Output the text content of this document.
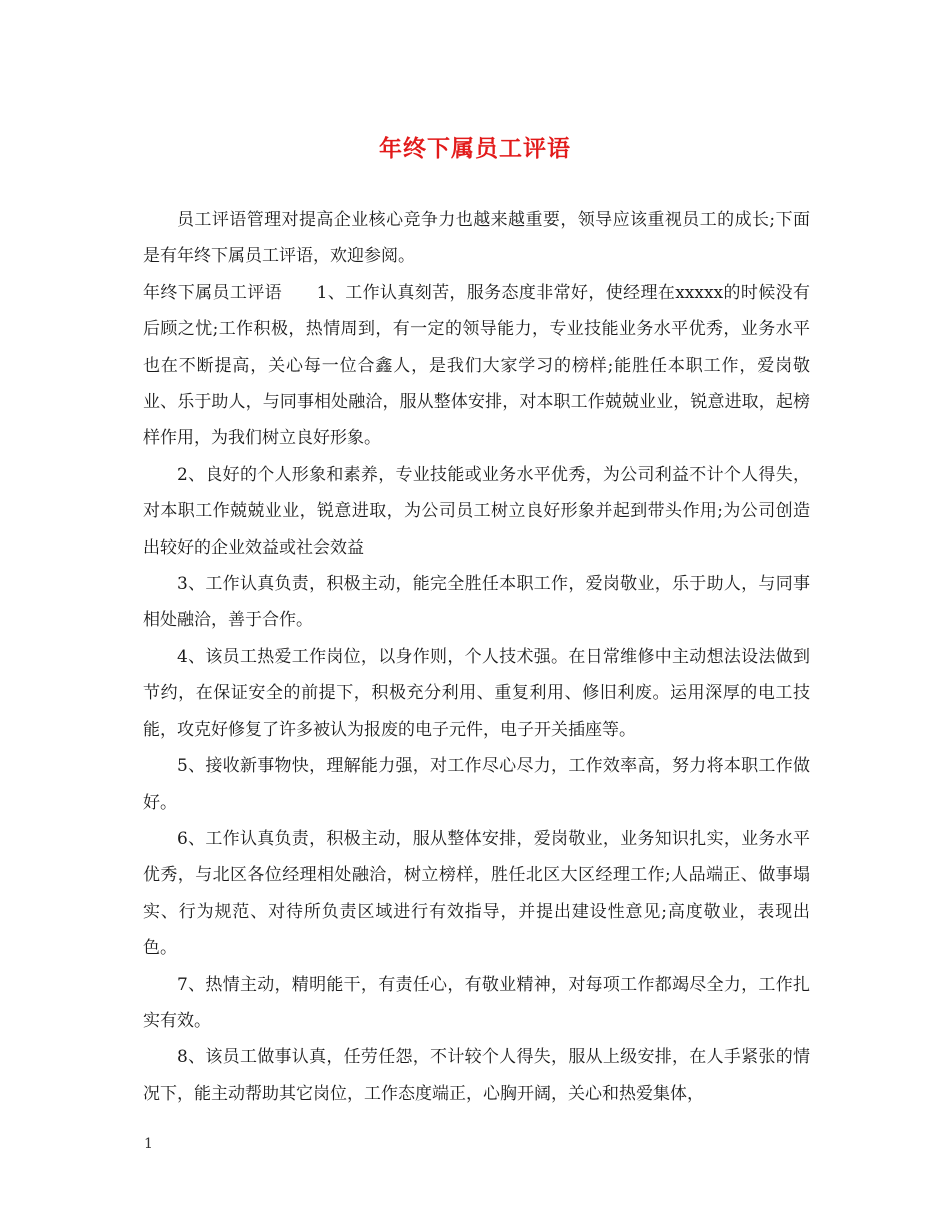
年终下属员工评语

员工评语管理对提高企业核心竞争力也越来越重要，领导应该重视员工的成长;下面是有年终下属员工评语，欢迎参阅。

年终下属员工评语　　1、工作认真刻苦，服务态度非常好，使经理在xxxxx的时候没有后顾之忧;工作积极，热情周到，有一定的领导能力，专业技能业务水平优秀，业务水平也在不断提高，关心每一位合鑫人，是我们大家学习的榜样;能胜任本职工作，爱岗敬业、乐于助人，与同事相处融洽，服从整体安排，对本职工作兢兢业业，锐意进取，起榜样作用，为我们树立良好形象。

2、良好的个人形象和素养，专业技能或业务水平优秀，为公司利益不计个人得失，对本职工作兢兢业业，锐意进取，为公司员工树立良好形象并起到带头作用;为公司创造出较好的企业效益或社会效益

3、工作认真负责，积极主动，能完全胜任本职工作，爱岗敬业，乐于助人，与同事相处融洽，善于合作。

4、该员工热爱工作岗位，以身作则，个人技术强。在日常维修中主动想法设法做到节约，在保证安全的前提下，积极充分利用、重复利用、修旧利废。运用深厚的电工技能，攻克好修复了许多被认为报废的电子元件，电子开关插座等。

5、接收新事物快，理解能力强，对工作尽心尽力，工作效率高，努力将本职工作做好。

6、工作认真负责，积极主动，服从整体安排，爱岗敬业，业务知识扎实，业务水平优秀，与北区各位经理相处融洽，树立榜样，胜任北区大区经理工作;人品端正、做事塌实、行为规范、对待所负责区域进行有效指导，并提出建设性意见;高度敬业，表现出色。

7、热情主动，精明能干，有责任心，有敬业精神，对每项工作都竭尽全力，工作扎实有效。

8、该员工做事认真，任劳任怨，不计较个人得失，服从上级安排，在人手紧张的情况下，能主动帮助其它岗位，工作态度端正，心胸开阔，关心和热爱集体，

1
